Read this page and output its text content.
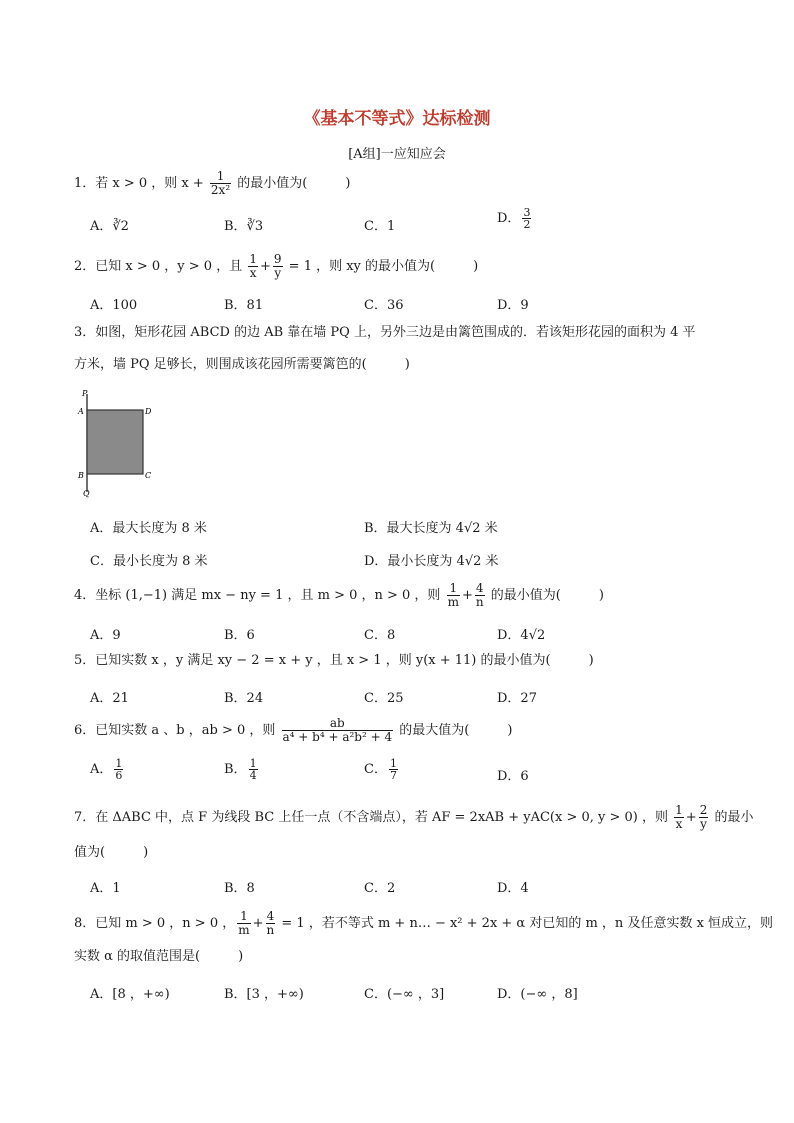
《基本不等式》达标检测
[A组]一应知应会
1．若 x > 0 ，则 $x + \frac{1}{\text{2x²}}$ 的最小值为(	)
A．∛2	B．∛3	C．1
D． $\frac{3}{2}$
2．已知 x > 0 ，y > 0 ，且 $\frac{1}{x} + \frac{9}{y} = 1$ ，则 xy 的最小值为(	)
A．100	B．81	C．36	D．9
3．如图，矩形花园 ABCD 的边 AB 靠在墙 PQ 上，另外三边是由篱笆围成的．若该矩形花园的面积为 4 平
方米，墙 PQ 足够长，则围成该花园所需要篱笆的(	)
P
A	D
B	C
Q
A．最大长度为 8 米	B．最大长度为 4√2 米
C．最小长度为 8 米	D．最小长度为 4√2 米
4．坐标 (1,−1) 满足 mx − ny = 1 ，且 m > 0 ，n > 0 ，则 $\frac{1}{m} + \frac{4}{n}$ 的最小值为(	)
A．9	B．6	C．8	D．4√2
5．已知实数 x ，y 满足 xy − 2 = x + y ，且 x > 1 ，则 y(x + 11) 的最小值为(	)
A．21	B．24	C．25	D．27
6．已知实数 a 、b ，ab > 0 ，则 $\frac{ab}{\text{a⁴ + b⁴ + a²b² + 4}}$ 的最大值为(	)
A． $\frac{1}{6}$	B． $\frac{1}{4}$	C． $\frac{1}{7}$	D．6
7．在 ΔABC 中，点 F 为线段 BC 上任一点（不含端点），若 AF = 2xAB + yAC(x > 0, y > 0) ，则 $\frac{1}{x} + \frac{2}{y}$ 的最小
值为(	)
A．1	B．8	C．2	D．4
8．已知 m > 0 ，n > 0 ， $\frac{1}{m} + \frac{4}{n} = 1$ ，若不等式 m + n… − x² + 2x + α 对已知的 m ，n 及任意实数 x 恒成立，则
实数 α 的取值范围是(	)
A．[8 ，+∞)	B．[3 ，+∞)	C．(−∞ ，3]	D．(−∞ ，8]
